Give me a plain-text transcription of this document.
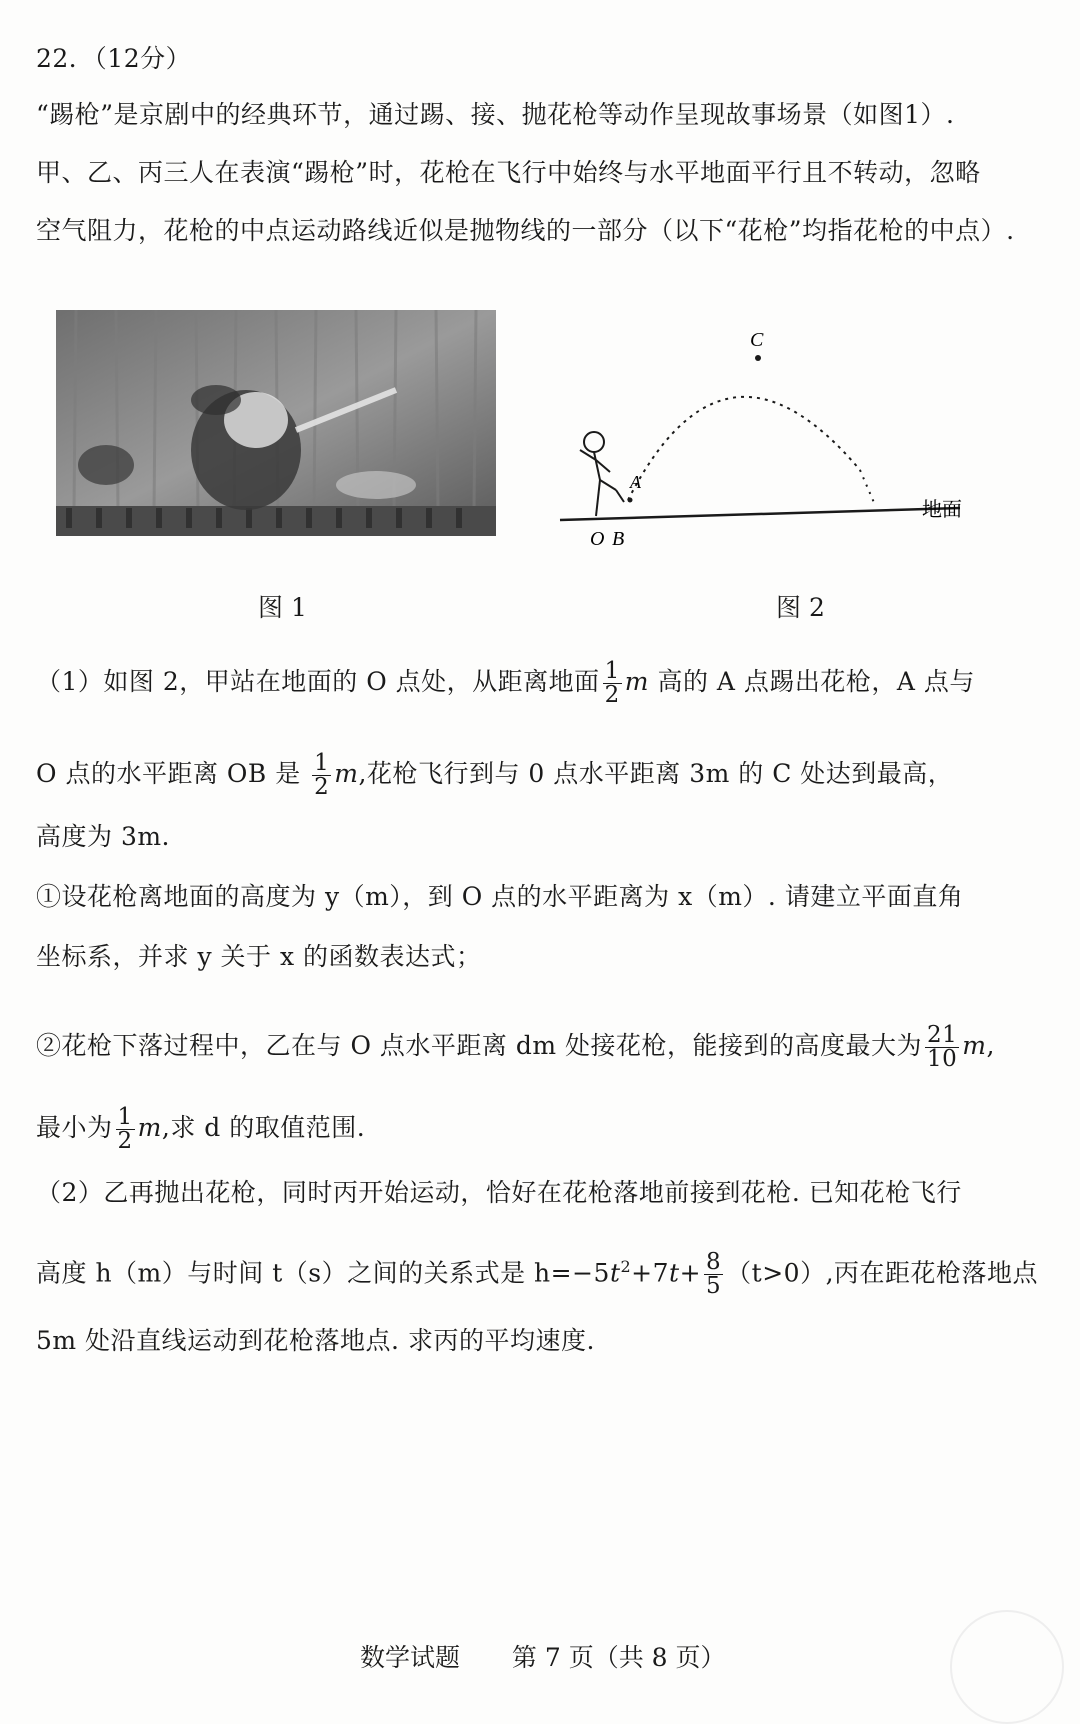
22．（12分）
“踢枪”是京剧中的经典环节，通过踢、接、抛花枪等动作呈现故事场景（如图1）.
甲、乙、丙三人在表演“踢枪”时，花枪在飞行中始终与水平地面平行且不转动，忽略
空气阻力，花枪的中点运动路线近似是抛物线的一部分（以下“花枪”均指花枪的中点）.
C
A
O B
地面
图 1	图 2
（1）如图 2，甲站在地面的 O 点处，从距离地面 $\frac{1}{2}$ m 高的 A 点踢出花枪，A 点与
O 点的水平距离 OB 是 $\frac{1}{2} m$,花枪飞行到与 0 点水平距离 3m 的 C 处达到最高，
高度为 3m.
①设花枪离地面的高度为 y（m），到 O 点的水平距离为 x（m）. 请建立平面直角
坐标系，并求 y 关于 x 的函数表达式；
②花枪下落过程中，乙在与 O 点水平距离 dm 处接花枪，能接到的高度最大为 $\frac{21}{10} m$,
最小为 $\frac{1}{2} m$,求 d 的取值范围.
（2）乙再抛出花枪，同时丙开始运动，恰好在花枪落地前接到花枪. 已知花枪飞行
高度 h（m）与时间 t（s）之间的关系式是 $h=-5t^2+7t+ \frac{8}{5} (t>0)$,丙在距花枪落地点
5m 处沿直线运动到花枪落地点. 求丙的平均速度.
数学试题 第 7 页（共 8 页）
